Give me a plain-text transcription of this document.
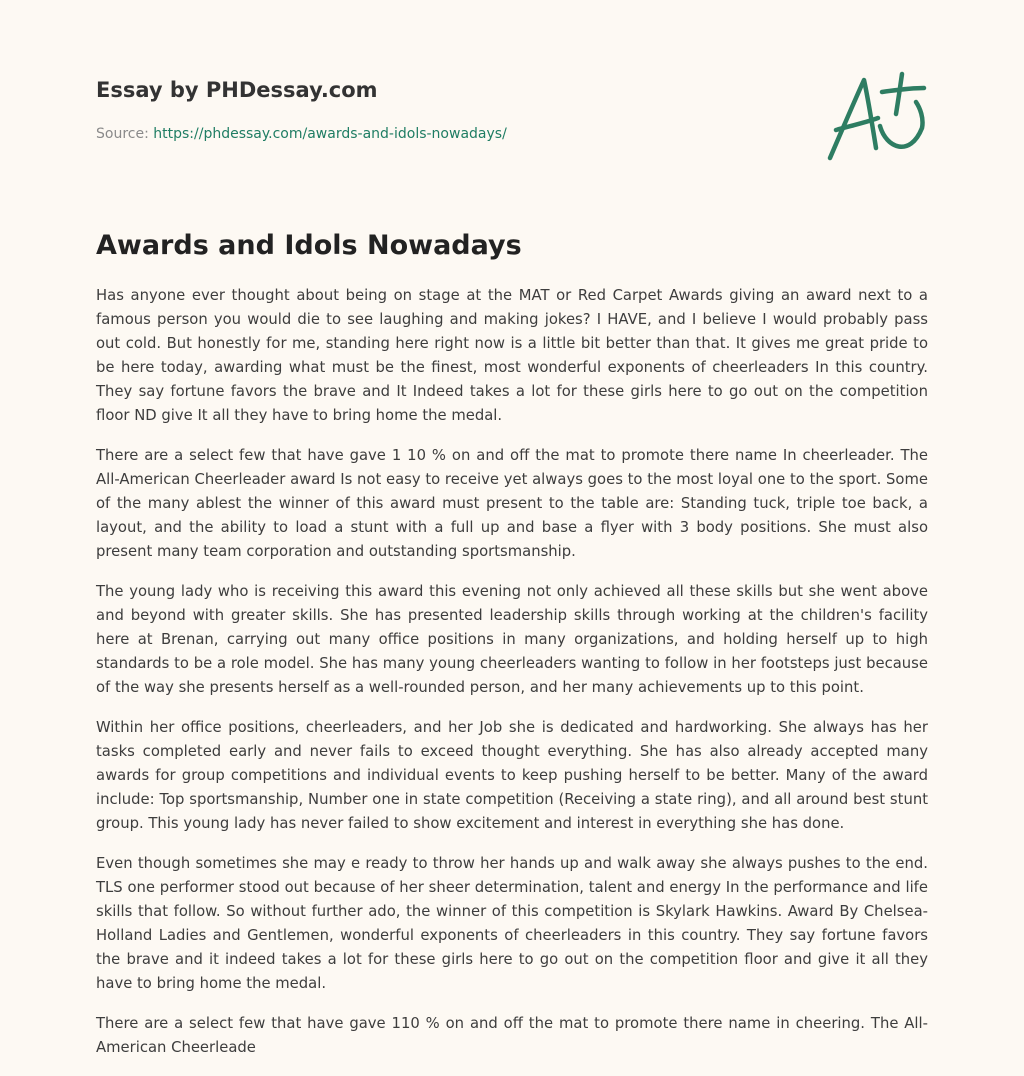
Essay by PHDessay.com

Source: https://phdessay.com/awards-and-idols-nowadays/

Awards and Idols Nowadays

Has anyone ever thought about being on stage at the MAT or Red Carpet Awards giving an award next to a famous person you would die to see laughing and making jokes? I HAVE, and I believe I would probably pass out cold. But honestly for me, standing here right now is a little bit better than that. It gives me great pride to be here today, awarding what must be the finest, most wonderful exponents of cheerleaders In this country. They say fortune favors the brave and It Indeed takes a lot for these girls here to go out on the competition floor ND give It all they have to bring home the medal.

There are a select few that have gave 1 10 % on and off the mat to promote there name In cheerleader. The All-American Cheerleader award Is not easy to receive yet always goes to the most loyal one to the sport. Some of the many ablest the winner of this award must present to the table are: Standing tuck, triple toe back, a layout, and the ability to load a stunt with a full up and base a flyer with 3 body positions. She must also present many team corporation and outstanding sportsmanship.

The young lady who is receiving this award this evening not only achieved all these skills but she went above and beyond with greater skills. She has presented leadership skills through working at the children's facility here at Brenan, carrying out many office positions in many organizations, and holding herself up to high standards to be a role model. She has many young cheerleaders wanting to follow in her footsteps just because of the way she presents herself as a well-rounded person, and her many achievements up to this point.

Within her office positions, cheerleaders, and her Job she is dedicated and hardworking. She always has her tasks completed early and never fails to exceed thought everything. She has also already accepted many awards for group competitions and individual events to keep pushing herself to be better. Many of the award include: Top sportsmanship, Number one in state competition (Receiving a state ring), and all around best stunt group. This young lady has never failed to show excitement and interest in everything she has done.

Even though sometimes she may e ready to throw her hands up and walk away she always pushes to the end. TLS one performer stood out because of her sheer determination, talent and energy In the performance and life skills that follow. So without further ado, the winner of this competition is Skylark Hawkins. Award By Chelsea-Holland Ladies and Gentlemen, wonderful exponents of cheerleaders in this country. They say fortune favors the brave and it indeed takes a lot for these girls here to go out on the competition floor and give it all they have to bring home the medal.

There are a select few that have gave 110 % on and off the mat to promote there name in cheering. The All-American Cheerleade
